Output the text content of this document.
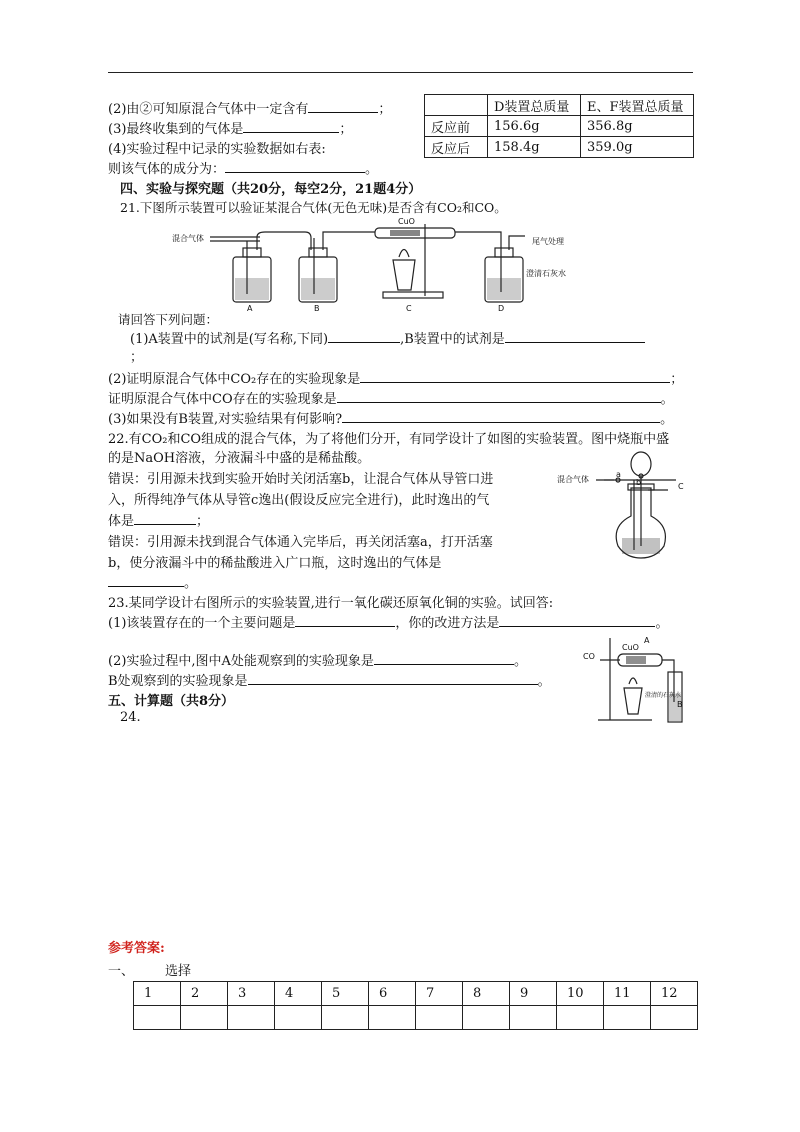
(2)由②可知原混合气体中一定含有	；
(3)最终收集到的气体是	；
(4)实验过程中记录的实验数据如右表:
则该气体的成分为：	。
	D装置总质量	E、F装置总质量
反应前	156.6g	356.8g
反应后	158.4g	359.0g
四、实验与探究题（共20分，每空2分，21题4分）
21.下图所示装置可以验证某混合气体(无色无味)是否含有CO₂和CO。
混合气体
CuO
尾气处理
澄清石灰水
A	B	C	D
请回答下列问题：
(1)A装置中的试剂是(写名称,下同)	,B装置中的试剂是
；
(2)证明原混合气体中CO₂存在的实验现象是	；
证明原混合气体中CO存在的实验现象是	。
(3)如果没有B装置,对实验结果有何影响?	。
22.有CO₂和CO组成的混合气体，为了将他们分开，有同学设计了如图的实验装置。图中烧瓶中盛
的是NaOH溶液，分液漏斗中盛的是稀盐酸。
错误：引用源未找到实验开始时关闭活塞b，让混合气体从导管口进
入，所得纯净气体从导管c逸出(假设反应完全进行)，此时逸出的气
体是	；
错误：引用源未找到混合气体通入完毕后，再关闭活塞a，打开活塞
b，使分液漏斗中的稀盐酸进入广口瓶，这时逸出的气体是
。
混合气体
a
b	C
23.某同学设计右图所示的实验装置,进行一氧化碳还原氧化铜的实验。试回答:
(1)该装置存在的一个主要问题是	，你的改进方法是	。
(2)实验过程中,图中A处能观察到的实验现象是	。
B处观察到的实验现象是	。
CO
CuO
A
B
澄清的石灰水
五、计算题（共8分）
24.
参考答案:
一、 选择
1	2	3	4	5	6	7	8	9	10	11	12
